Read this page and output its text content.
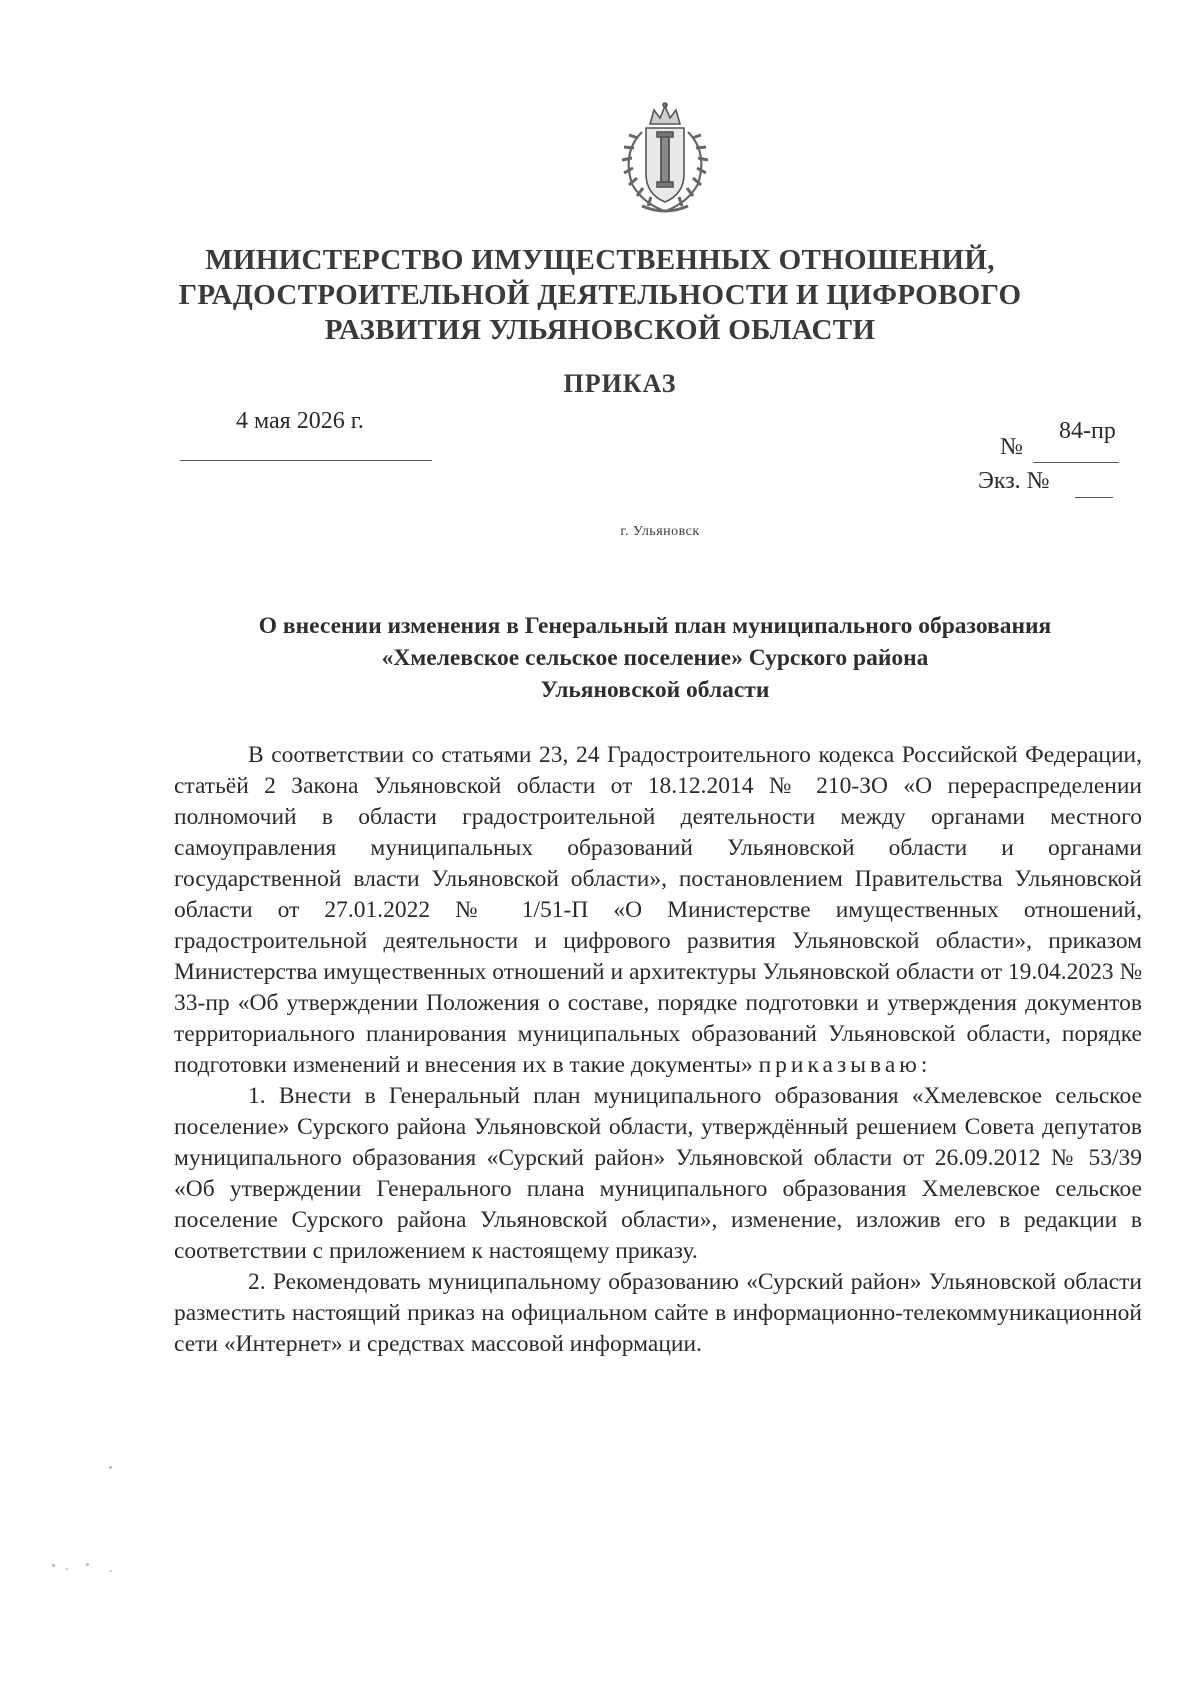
МИНИСТЕРСТВО ИМУЩЕСТВЕННЫХ ОТНОШЕНИЙ,
ГРАДОСТРОИТЕЛЬНОЙ ДЕЯТЕЛЬНОСТИ И ЦИФРОВОГО
РАЗВИТИЯ УЛЬЯНОВСКОЙ ОБЛАСТИ
ПРИКАЗ
4 мая 2026 г.	84-пр
№
Экз. №
г. Ульяновск
О внесении изменения в Генеральный план муниципального образования
«Хмелевское сельское поселение» Сурского района
Ульяновской области

В соответствии со статьями 23, 24 Градостроительного кодекса Российской Федерации, статьёй 2 Закона Ульяновской области от 18.12.2014 № 210-ЗО «О перераспределении полномочий в области градостроительной деятельности между органами местного самоуправления муниципальных образований Ульяновской области и органами государственной власти Ульяновской области», постановлением Правительства Ульяновской области от 27.01.2022 № 1/51-П «О Министерстве имущественных отношений, градостроительной деятельности и цифрового развития Ульяновской области», приказом Министерства имущественных отношений и архитектуры Ульяновской области от 19.04.2023 № 33-пр «Об утверждении Положения о составе, порядке подготовки и утверждения документов территориального планирования муниципальных образований Ульяновской области, порядке подготовки изменений и внесения их в такие документы» приказываю:

1. Внести в Генеральный план муниципального образования «Хмелевское сельское поселение» Сурского района Ульяновской области, утверждённый решением Совета депутатов муниципального образования «Сурский район» Ульяновской области от 26.09.2012 № 53/39 «Об утверждении Генерального плана муниципального образования Хмелевское сельское поселение Сурского района Ульяновской области», изменение, изложив его в редакции в соответствии с приложением к настоящему приказу.

2. Рекомендовать муниципальному образованию «Сурский район» Ульяновской области разместить настоящий приказ на официальном сайте в информационно-телекоммуникационной сети «Интернет» и средствах массовой информации.
